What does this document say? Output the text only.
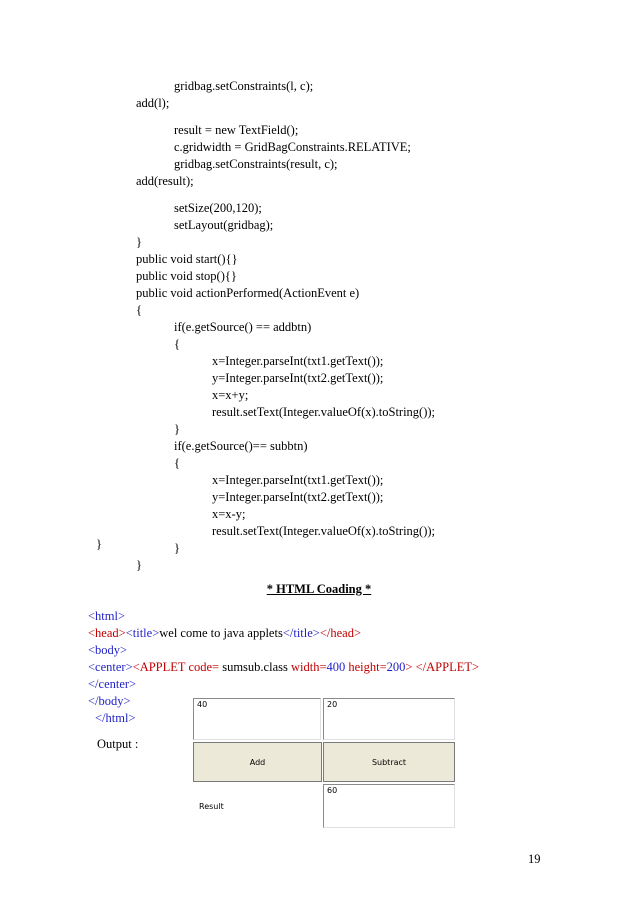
gridbag.setConstraints(l, c);
add(l);
result = new TextField();
c.gridwidth = GridBagConstraints.RELATIVE;
gridbag.setConstraints(result, c);
add(result);
setSize(200,120);
setLayout(gridbag);
}
public void start(){}
public void stop(){}
public void actionPerformed(ActionEvent e)
{
if(e.getSource() == addbtn)
{
x=Integer.parseInt(txt1.getText());
y=Integer.parseInt(txt2.getText());
x=x+y;
result.setText(Integer.valueOf(x).toString());
}
if(e.getSource()== subbtn)
{
x=Integer.parseInt(txt1.getText());
y=Integer.parseInt(txt2.getText());
x=x-y;
result.setText(Integer.valueOf(x).toString());
}
}
}
* HTML Coading *
<html>
<head><title>wel come to java applets</title></head>
<body>
<center><APPLET code= sumsub.class width=400 height=200> </APPLET>
</center>
</body>
</html>
Output :
40	20
Add	Subtract
Result
60
19
